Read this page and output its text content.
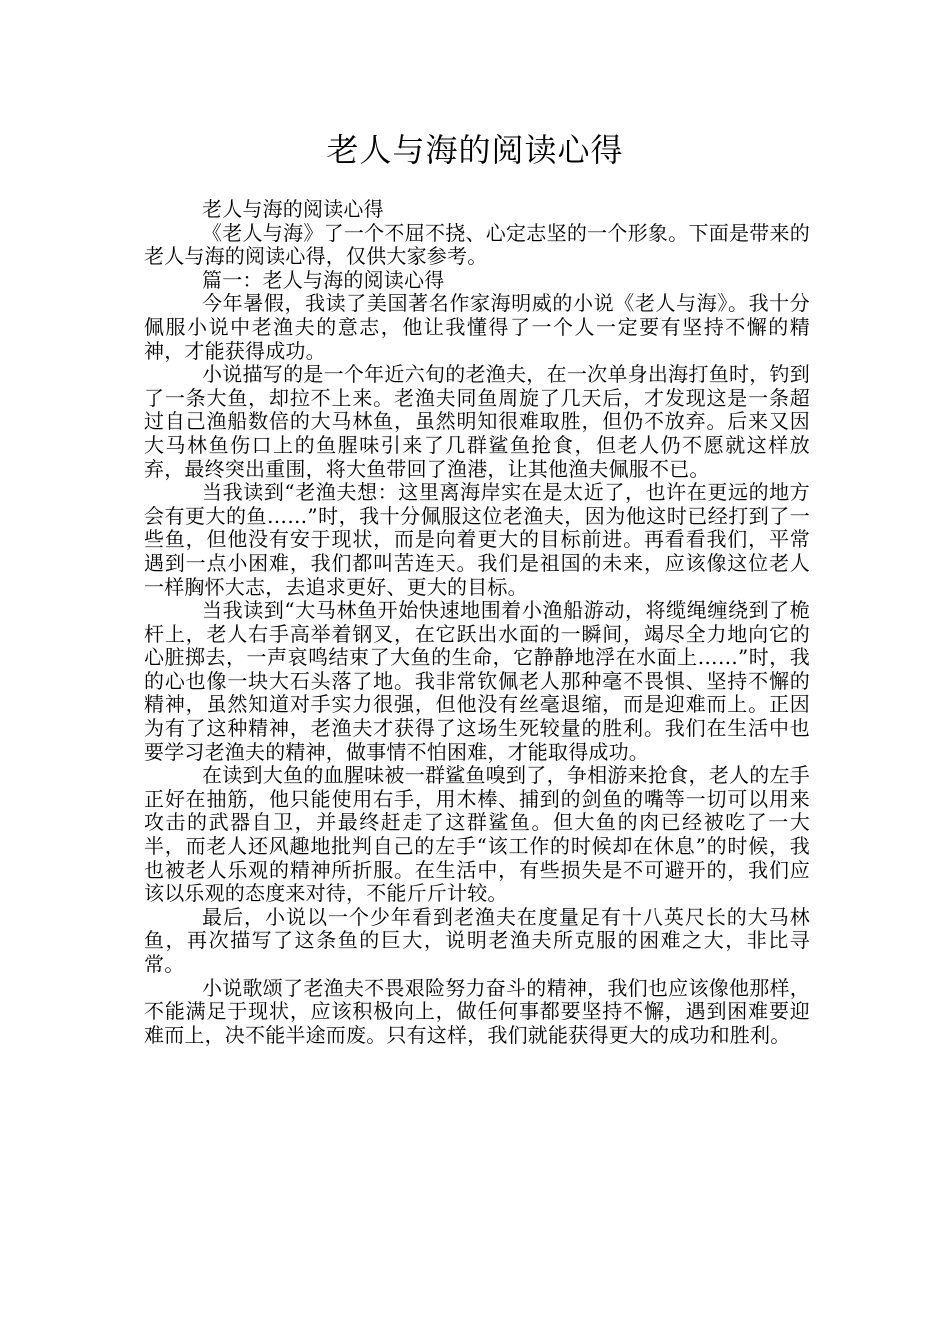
老人与海的阅读心得

老人与海的阅读心得

《老人与海》了一个不屈不挠、心定志坚的一个形象。下面是带来的老人与海的阅读心得，仅供大家参考。

篇一：老人与海的阅读心得

今年暑假，我读了美国著名作家海明威的小说《老人与海》。我十分佩服小说中老渔夫的意志，他让我懂得了一个人一定要有坚持不懈的精神，才能获得成功。

小说描写的是一个年近六旬的老渔夫，在一次单身出海打鱼时，钓到了一条大鱼，却拉不上来。老渔夫同鱼周旋了几天后，才发现这是一条超过自己渔船数倍的大马林鱼，虽然明知很难取胜，但仍不放弃。后来又因大马林鱼伤口上的鱼腥味引来了几群鲨鱼抢食，但老人仍不愿就这样放弃，最终突出重围，将大鱼带回了渔港，让其他渔夫佩服不已。

当我读到“老渔夫想：这里离海岸实在是太近了，也许在更远的地方会有更大的鱼……”时，我十分佩服这位老渔夫，因为他这时已经打到了一些鱼，但他没有安于现状，而是向着更大的目标前进。再看看我们，平常遇到一点小困难，我们都叫苦连天。我们是祖国的未来，应该像这位老人一样胸怀大志，去追求更好、更大的目标。

当我读到“大马林鱼开始快速地围着小渔船游动，将缆绳缠绕到了桅杆上，老人右手高举着钢叉，在它跃出水面的一瞬间，竭尽全力地向它的心脏掷去，一声哀鸣结束了大鱼的生命，它静静地浮在水面上……”时，我的心也像一块大石头落了地。我非常钦佩老人那种毫不畏惧、坚持不懈的精神，虽然知道对手实力很强，但他没有丝毫退缩，而是迎难而上。正因为有了这种精神，老渔夫才获得了这场生死较量的胜利。我们在生活中也要学习老渔夫的精神，做事情不怕困难，才能取得成功。

在读到大鱼的血腥味被一群鲨鱼嗅到了，争相游来抢食，老人的左手正好在抽筋，他只能使用右手，用木棒、捕到的剑鱼的嘴等一切可以用来攻击的武器自卫，并最终赶走了这群鲨鱼。但大鱼的肉已经被吃了一大半，而老人还风趣地批判自己的左手“该工作的时候却在休息”的时候，我也被老人乐观的精神所折服。在生活中，有些损失是不可避开的，我们应该以乐观的态度来对待，不能斤斤计较。

最后，小说以一个少年看到老渔夫在度量足有十八英尺长的大马林鱼，再次描写了这条鱼的巨大，说明老渔夫所克服的困难之大，非比寻常。

小说歌颂了老渔夫不畏艰险努力奋斗的精神，我们也应该像他那样，不能满足于现状，应该积极向上，做任何事都要坚持不懈，遇到困难要迎难而上，决不能半途而废。只有这样，我们就能获得更大的成功和胜利。
